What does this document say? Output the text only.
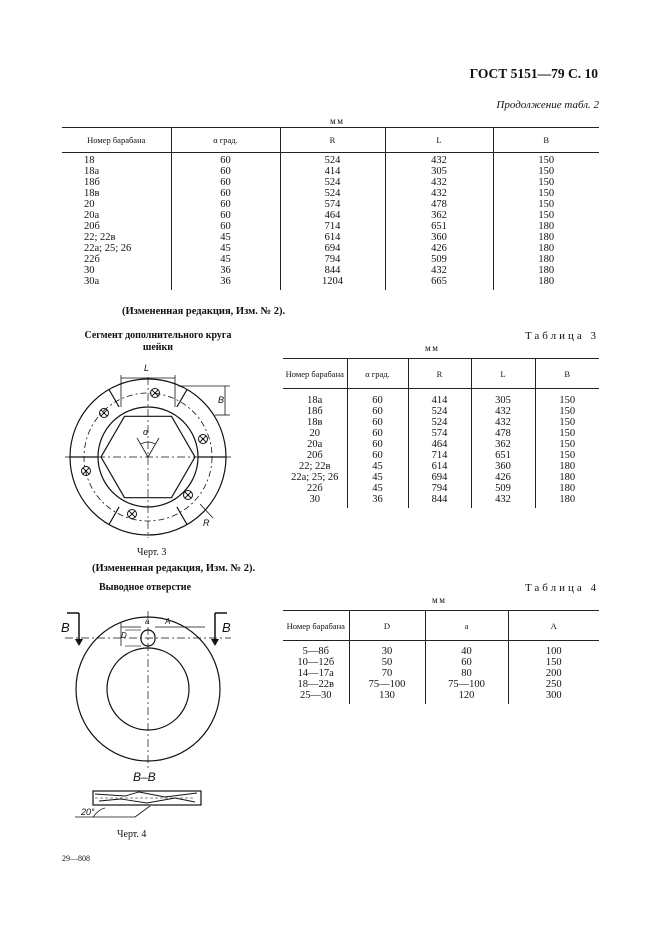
ГОСТ 5151—79 С. 10
Продолжение табл. 2
мм
Номер барабана	α град.	R	L	B
18	60	524	432	150
18а	60	414	305	150
18б	60	524	432	150
18в	60	524	432	150
20	60	574	478	150
20а	60	464	362	150
20б	60	714	651	180
22; 22в	45	614	360	180
22а; 25; 26	45	694	426	180
22б	45	794	509	180
30	36	844	432	180
30а	36	1204	665	180
(Измененная редакция, Изм. № 2).
Сегмент дополнительного круга
шейки
Таблица 3
мм
L
B
α
R
Черт. 3
Номер барабана	α град.	R	L	B
18а	60	414	305	150
18б	60	524	432	150
18в	60	524	432	150
20	60	574	478	150
20а	60	464	362	150
20б	60	714	651	150
22; 22в	45	614	360	180
22а; 25; 26	45	694	426	180
22б	45	794	509	180
30	36	844	432	180
(Измененная редакция, Изм. № 2).
Выводное отверстие	Таблица 4
мм
B	B
D
a A
B–B
20°
Черт. 4
Номер барабана	D	a	A
5—8б	30	40	100
10—12б	50	60	150
14—17а	70	80	200
18—22в	75—100	75—100	250
25—30	130	120	300
29—808
